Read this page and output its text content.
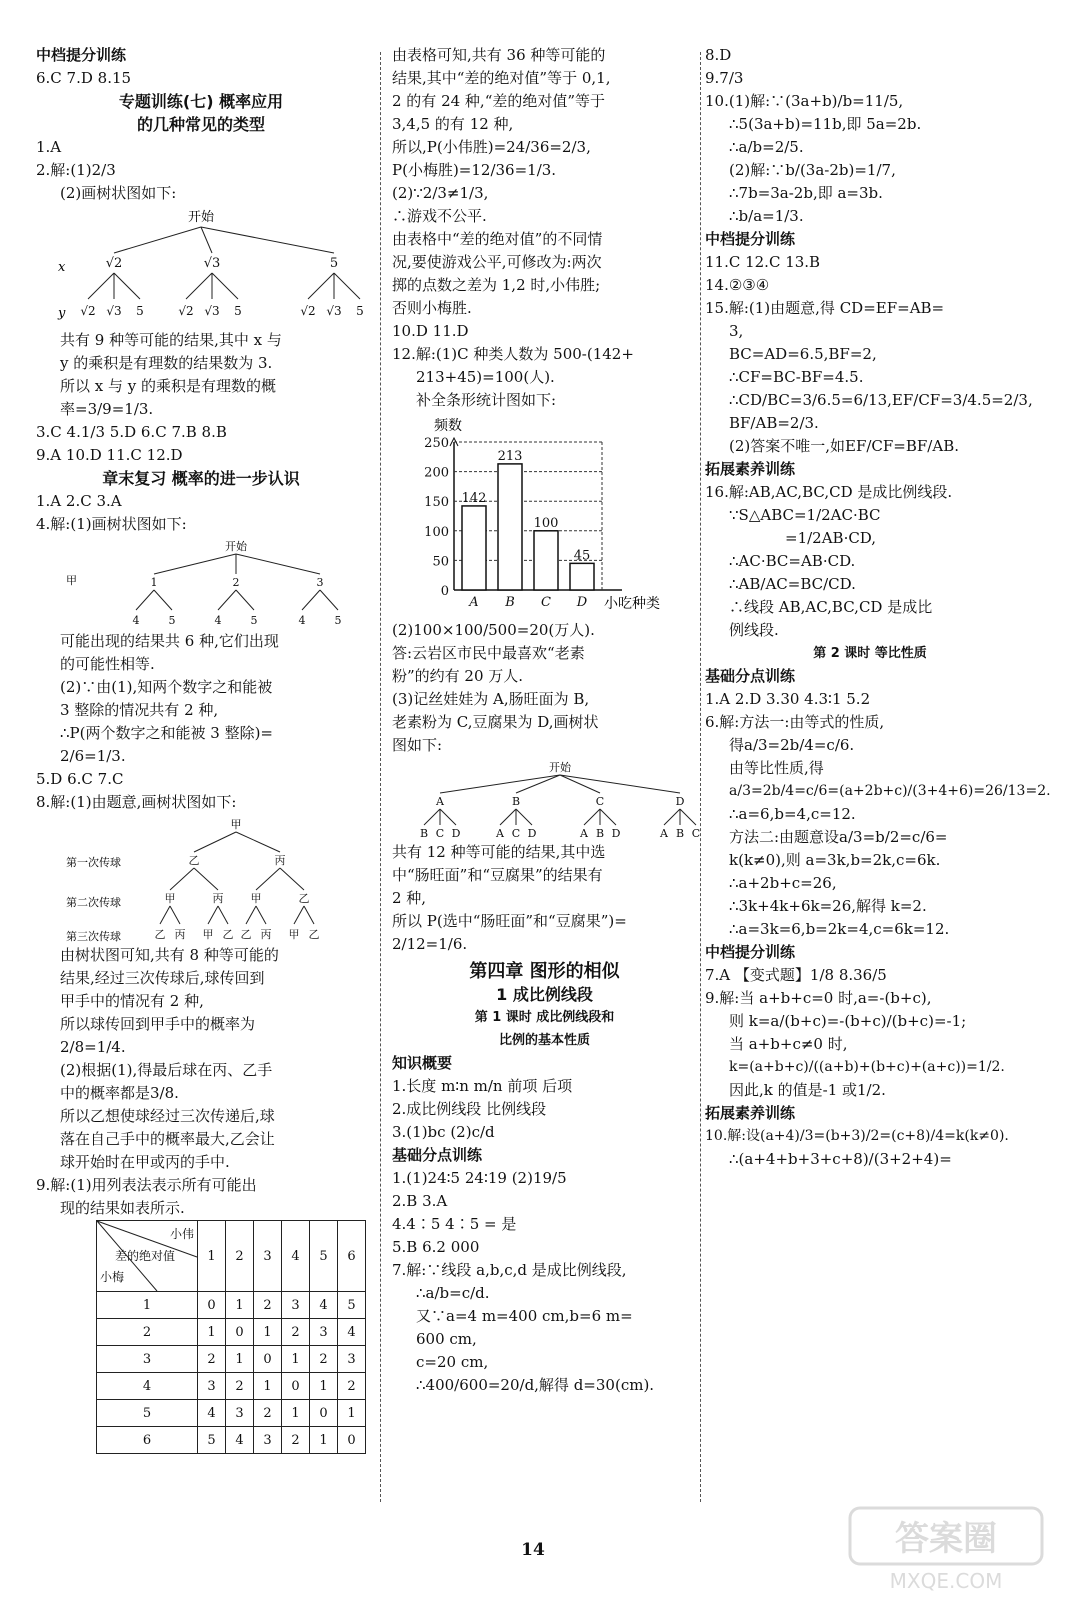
中档提分训练
6.C 7.D 8.15
专题训练(七) 概率应用
的几种常见的类型
1.A
2.解:(1)2/3
(2)画树状图如下:
开始
x
y
√2
√2 √3 5
√3
√2 √3 5
5
√2 √3 5
共有 9 种等可能的结果,其中 x 与
y 的乘积是有理数的结果数为 3.
所以 x 与 y 的乘积是有理数的概
率=3/9=1/3.
3.C 4.1/3 5.D 6.C 7.B 8.B
9.A 10.D 11.C 12.D
章末复习 概率的进一步认识
1.A 2.C 3.A
4.解:(1)画树状图如下:
开始
甲	1
4	5
2
4	5
3
4	5
可能出现的结果共 6 种,它们出现
的可能性相等.
(2)∵由(1),知两个数字之和能被
3 整除的情况共有 2 种,
∴P(两个数字之和能被 3 整除)=
2/6=1/3.
5.D 6.C 7.C
8.解:(1)由题意,画树状图如下:
甲
第一次传球
第二次传球
第三次传球
乙
甲
乙 丙
丙
甲 乙
丙
甲
乙 丙
乙
甲 乙
由树状图可知,共有 8 种等可能的
结果,经过三次传球后,球传回到
甲手中的情况有 2 种,
所以球传回到甲手中的概率为
2/8=1/4.
(2)根据(1),得最后球在丙、乙手
中的概率都是3/8.
所以乙想使球经过三次传递后,球
落在自己手中的概率最大,乙会让
球开始时在甲或丙的手中.
9.解:(1)用列表法表示所有可能出
现的结果如表所示.
小伟
差的绝对值
小梅	1	2	3	4	5	6
1	0	1	2	3	4	5
2	1	0	1	2	3	4
3	2	1	0	1	2	3
4	3	2	1	0	1	2
5	4	3	2	1	0	1
6	5	4	3	2	1	0
由表格可知,共有 36 种等可能的
结果,其中“差的绝对值”等于 0,1,
2 的有 24 种,“差的绝对值”等于
3,4,5 的有 12 种,
所以,P(小伟胜)=24/36=2/3,
P(小梅胜)=12/36=1/3.
(2)∵2/3≠1/3,
∴游戏不公平.
由表格中“差的绝对值”的不同情
况,要使游戏公平,可修改为:两次
掷的点数之差为 1,2 时,小伟胜;
否则小梅胜.
10.D 11.D
12.解:(1)C 种类人数为 500-(142+
213+45)=100(人).
补全条形统计图如下:
频数
小吃种类
0
50
100
150
200
250
142
A
213
B
100
C
45
D
(2)100×100/500=20(万人).
答:云岩区市民中最喜欢“老素
粉”的约有 20 万人.
(3)记丝娃娃为 A,肠旺面为 B,
老素粉为 C,豆腐果为 D,画树状
图如下:
开始
A
B C D
B
A C D
C
A B D
D
A B C
共有 12 种等可能的结果,其中选
中“肠旺面”和“豆腐果”的结果有
2 种,
所以 P(选中“肠旺面”和“豆腐果”)=
2/12=1/6.
第四章 图形的相似
1 成比例线段
第 1 课时 成比例线段和
比例的基本性质
知识概要
1.长度 m∶n m/n 前项 后项
2.成比例线段 比例线段
3.(1)bc (2)c/d
基础分点训练
1.(1)24∶5 24∶19 (2)19/5
2.B 3.A
4.4∶5 4∶5 = 是
5.B 6.2 000
7.解:∵线段 a,b,c,d 是成比例线段,
∴a/b=c/d.
又∵a=4 m=400 cm,b=6 m=
600 cm,
c=20 cm,
∴400/600=20/d,解得 d=30(cm).
8.D
9.7/3
10.(1)解:∵(3a+b)/b=11/5,
∴5(3a+b)=11b,即 5a=2b.
∴a/b=2/5.
(2)解:∵b/(3a-2b)=1/7,
∴7b=3a-2b,即 a=3b.
∴b/a=1/3.
中档提分训练
11.C 12.C 13.B
14.②③④
15.解:(1)由题意,得 CD=EF=AB=
3,
BC=AD=6.5,BF=2,
∴CF=BC-BF=4.5.
∴CD/BC=3/6.5=6/13,EF/CF=3/4.5=2/3,
BF/AB=2/3.
(2)答案不唯一,如EF/CF=BF/AB.
拓展素养训练
16.解:AB,AC,BC,CD 是成比例线段.
∵S△ABC=1/2AC·BC
=1/2AB·CD,
∴AC·BC=AB·CD.
∴AB/AC=BC/CD.
∴线段 AB,AC,BC,CD 是成比
例线段.
第 2 课时 等比性质
基础分点训练
1.A 2.D 3.30 4.3∶1 5.2
6.解:方法一:由等式的性质,
得a/3=2b/4=c/6.
由等比性质,得
a/3=2b/4=c/6=(a+2b+c)/(3+4+6)=26/13=2.
∴a=6,b=4,c=12.
方法二:由题意设a/3=b/2=c/6=
k(k≠0),则 a=3k,b=2k,c=6k.
∴a+2b+c=26,
∴3k+4k+6k=26,解得 k=2.
∴a=3k=6,b=2k=4,c=6k=12.
中档提分训练
7.A 【变式题】1/8 8.36/5
9.解:当 a+b+c=0 时,a=-(b+c),
则 k=a/(b+c)=-(b+c)/(b+c)=-1;
当 a+b+c≠0 时,
k=(a+b+c)/((a+b)+(b+c)+(a+c))=1/2.
因此,k 的值是-1 或1/2.
拓展素养训练
10.解:设(a+4)/3=(b+3)/2=(c+8)/4=k(k≠0).
∴(a+4+b+3+c+8)/(3+2+4)=
14	答案圈
MXQE.COM
